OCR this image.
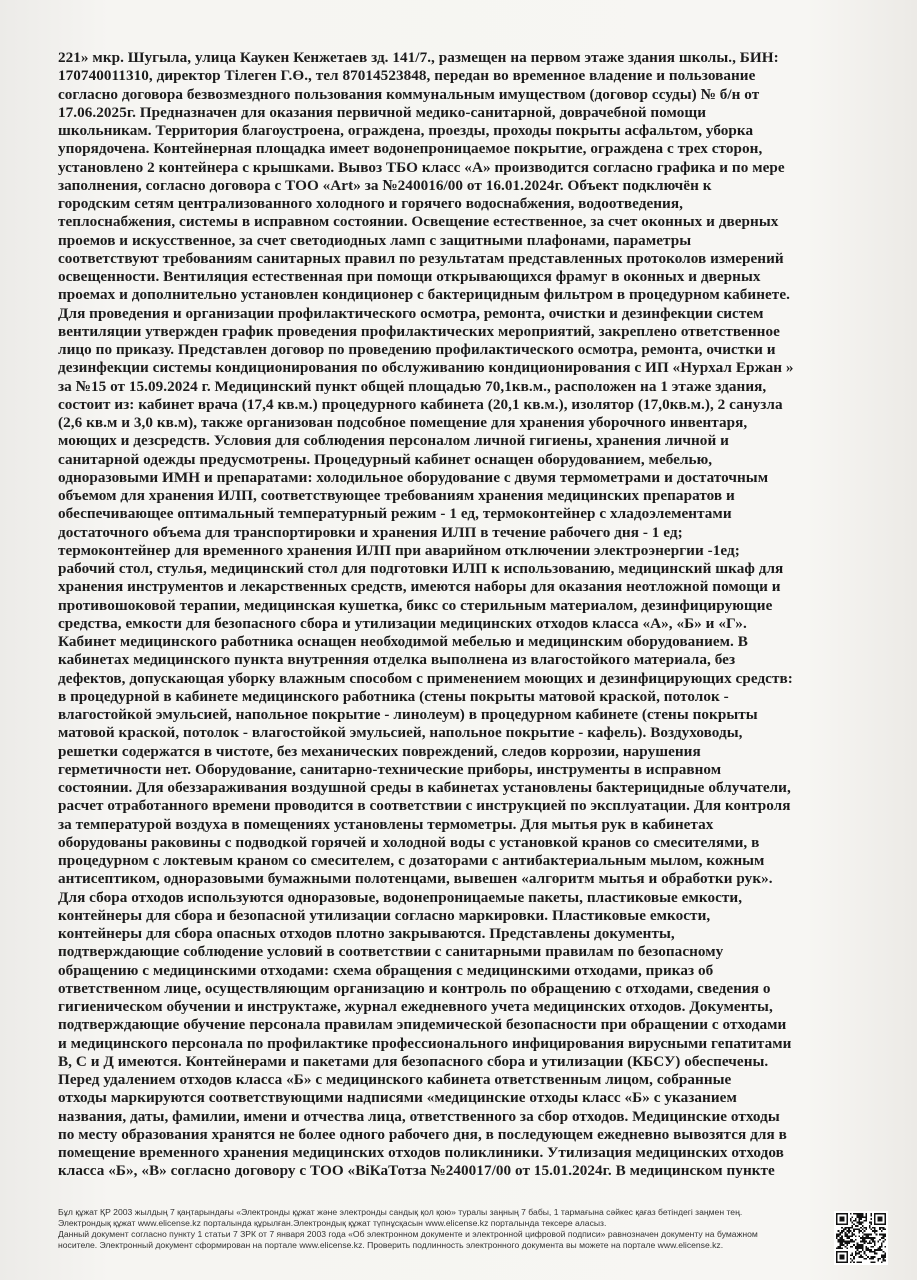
221» мкр. Шугыла, улица Каукен Кенжетаев зд. 141/7., размещен на первом этаже здания школы., БИН:
170740011310, директор Тілеген Г.Ө., тел 87014523848, передан во временное владение и пользование
согласно договора безвозмездного пользования коммунальным имуществом (договор ссуды) № б/н от
17.06.2025г. Предназначен для оказания первичной медико-санитарной, доврачебной помощи
школьникам. Территория благоустроена, ограждена, проезды, проходы покрыты асфальтом, уборка
упорядочена. Контейнерная площадка имеет водонепроницаемое покрытие, ограждена с трех сторон,
установлено 2 контейнера с крышками. Вывоз ТБО класс «А» производится согласно графика и по мере
заполнения, согласно договора с ТОО «Art» за №240016/00 от 16.01.2024г. Объект подключён к
городским сетям централизованного холодного и горячего водоснабжения, водоотведения,
теплоснабжения, системы в исправном состоянии. Освещение естественное, за счет оконных и дверных
проемов и искусственное, за счет светодиодных ламп с защитными плафонами, параметры
соответствуют требованиям санитарных правил по результатам представленных протоколов измерений
освещенности. Вентиляция естественная при помощи открывающихся фрамуг в оконных и дверных
проемах и дополнительно установлен кондиционер с бактерицидным фильтром в процедурном кабинете.
Для проведения и организации профилактического осмотра, ремонта, очистки и дезинфекции систем
вентиляции утвержден график проведения профилактических мероприятий, закреплено ответственное
лицо по приказу. Представлен договор по проведению профилактического осмотра, ремонта, очистки и
дезинфекции системы кондиционирования по обслуживанию кондиционирования с ИП «Нурхал Ержан »
за №15 от 15.09.2024 г. Медицинский пункт общей площадью 70,1кв.м., расположен на 1 этаже здания,
состоит из: кабинет врача (17,4 кв.м.) процедурного кабинета (20,1 кв.м.), изолятор (17,0кв.м.), 2 санузла
(2,6 кв.м и 3,0 кв.м), также организован подсобное помещение для хранения уборочного инвентаря,
моющих и дезсредств. Условия для соблюдения персоналом личной гигиены, хранения личной и
санитарной одежды предусмотрены. Процедурный кабинет оснащен оборудованием, мебелью,
одноразовыми ИМН и препаратами: холодильное оборудование с двумя термометрами и достаточным
объемом для хранения ИЛП, соответствующее требованиям хранения медицинских препаратов и
обеспечивающее оптимальный температурный режим - 1 ед, термоконтейнер с хладоэлементами
достаточного объема для транспортировки и хранения ИЛП в течение рабочего дня - 1 ед;
термоконтейнер для временного хранения ИЛП при аварийном отключении электроэнергии -1ед;
рабочий стол, стулья, медицинский стол для подготовки ИЛП к использованию, медицинский шкаф для
хранения инструментов и лекарственных средств, имеются наборы для оказания неотложной помощи и
противошоковой терапии, медицинская кушетка, бикс со стерильным материалом, дезинфицирующие
средства, емкости для безопасного сбора и утилизации медицинских отходов класса «А», «Б» и «Г».
Кабинет медицинского работника оснащен необходимой мебелью и медицинским оборудованием. В
кабинетах медицинского пункта внутренняя отделка выполнена из влагостойкого материала, без
дефектов, допускающая уборку влажным способом с применением моющих и дезинфицирующих средств:
в процедурной в кабинете медицинского работника (стены покрыты матовой краской, потолок -
влагостойкой эмульсией, напольное покрытие - линолеум) в процедурном кабинете (стены покрыты
матовой краской, потолок - влагостойкой эмульсией, напольное покрытие - кафель). Воздуховоды,
решетки содержатся в чистоте, без механических повреждений, следов коррозии, нарушения
герметичности нет. Оборудование, санитарно-технические приборы, инструменты в исправном
состоянии. Для обеззараживания воздушной среды в кабинетах установлены бактерицидные облучатели,
расчет отработанного времени проводится в соответствии с инструкцией по эксплуатации. Для контроля
за температурой воздуха в помещениях установлены термометры. Для мытья рук в кабинетах
оборудованы раковины с подводкой горячей и холодной воды с установкой кранов со смесителями, в
процедурном с локтевым краном со смесителем, с дозаторами с антибактериальным мылом, кожным
антисептиком, одноразовыми бумажными полотенцами, вывешен «алгоритм мытья и обработки рук».
Для сбора отходов используются одноразовые, водонепроницаемые пакеты, пластиковые емкости,
контейнеры для сбора и безопасной утилизации согласно маркировки. Пластиковые емкости,
контейнеры для сбора опасных отходов плотно закрываются. Представлены документы,
подтверждающие соблюдение условий в соответствии с санитарными правилам по безопасному
обращению с медицинскими отходами: схема обращения с медицинскими отходами, приказ об
ответственном лице, осуществляющим организацию и контроль по обращению с отходами, сведения о
гигиеническом обучении и инструктаже, журнал ежедневного учета медицинских отходов. Документы,
подтверждающие обучение персонала правилам эпидемической безопасности при обращении с отходами
и медицинского персонала по профилактике профессионального инфицирования вирусными гепатитами
В, С и Д имеются. Контейнерами и пакетами для безопасного сбора и утилизации (КБСУ) обеспечены.
Перед удалением отходов класса «Б» с медицинского кабинета ответственным лицом, собранные
отходы маркируются соответствующими надписями «медицинские отходы класс «Б» с указанием
названия, даты, фамилии, имени и отчества лица, ответственного за сбор отходов. Медицинские отходы
по месту образования хранятся не более одного рабочего дня, в последующем ежедневно вывозятся для в
помещение временного хранения медицинских отходов поликлиники. Утилизация медицинских отходов
класса «Б», «В» согласно договору с ТОО «ВіКаТотза №240017/00 от 15.01.2024г. В медицинском пункте
Бұл құжат ҚР 2003 жылдың 7 қаңтарындағы «Электронды құжат және электронды сандық қол қою» туралы заңның 7 бабы, 1 тармағына сәйкес қағаз бетіндегі заңмен тең.
Электрондық құжат www.elicense.kz порталында құрылған.Электрондық құжат түпнұсқасын www.elicense.kz порталында тексере аласыз.
Данный документ согласно пункту 1 статьи 7 ЗРК от 7 января 2003 года «Об электронном документе и электронной цифровой подписи» равнозначен документу на бумажном
носителе. Электронный документ сформирован на портале www.elicense.kz. Проверить подлинность электронного документа вы можете на портале www.elicense.kz.
